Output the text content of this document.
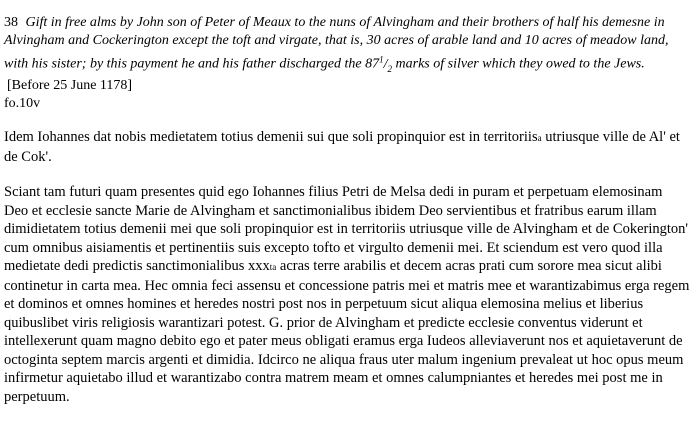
38 Gift in free alms by John son of Peter of Meaux to the nuns of Alvingham and their brothers of half his demesne in Alvingham and Cockerington except the toft and virgate, that is, 30 acres of arable land and 10 acres of meadow land, with his sister; by this payment he and his father discharged the $87^1/_2$ marks of silver which they owed to the Jews.

[Before 25 June 1178]

fo.10v

Idem Iohannes dat nobis medietatem totius demenii sui que soli propinquior est in territoriisa utriusque ville de Al' et de Cok'.

Sciant tam futuri quam presentes quid ego Iohannes filius Petri de Melsa dedi in puram et perpetuam elemosinam Deo et ecclesie sancte Marie de Alvingham et sanctimonialibus ibidem Deo servientibus et fratribus earum illam dimidietatem totius demenii mei que soli propinquior est in territoriis utriusque ville de Alvingham et de Cokerington' cum omnibus aisiamentis et pertinentiis suis excepto tofto et virgulto demenii mei. Et sciendum est vero quod illa medietate dedi predictis sanctimonialibus xxxta acras terre arabilis et decem acras prati cum sorore mea sicut alibi continetur in carta mea. Hec omnia feci assensu et concessione patris mei et matris mee et warantizabimus erga regem et dominos et omnes homines et heredes nostri post nos in perpetuum sicut aliqua elemosina melius et liberius quibuslibet viris religiosis warantizari potest. G. prior de Alvingham et predicte ecclesie conventus viderunt et intellexerunt quam magno debito ego et pater meus obligati eramus erga Iudeos alleviaverunt nos et aquietaverunt de octoginta septem marcis argenti et dimidia. Idcirco ne aliqua fraus uter malum ingenium prevaleat ut hoc opus meum infirmetur aquietabo illud et warantizabo contra matrem meam et omnes calumpniantes et heredes mei post me in perpetuum.
